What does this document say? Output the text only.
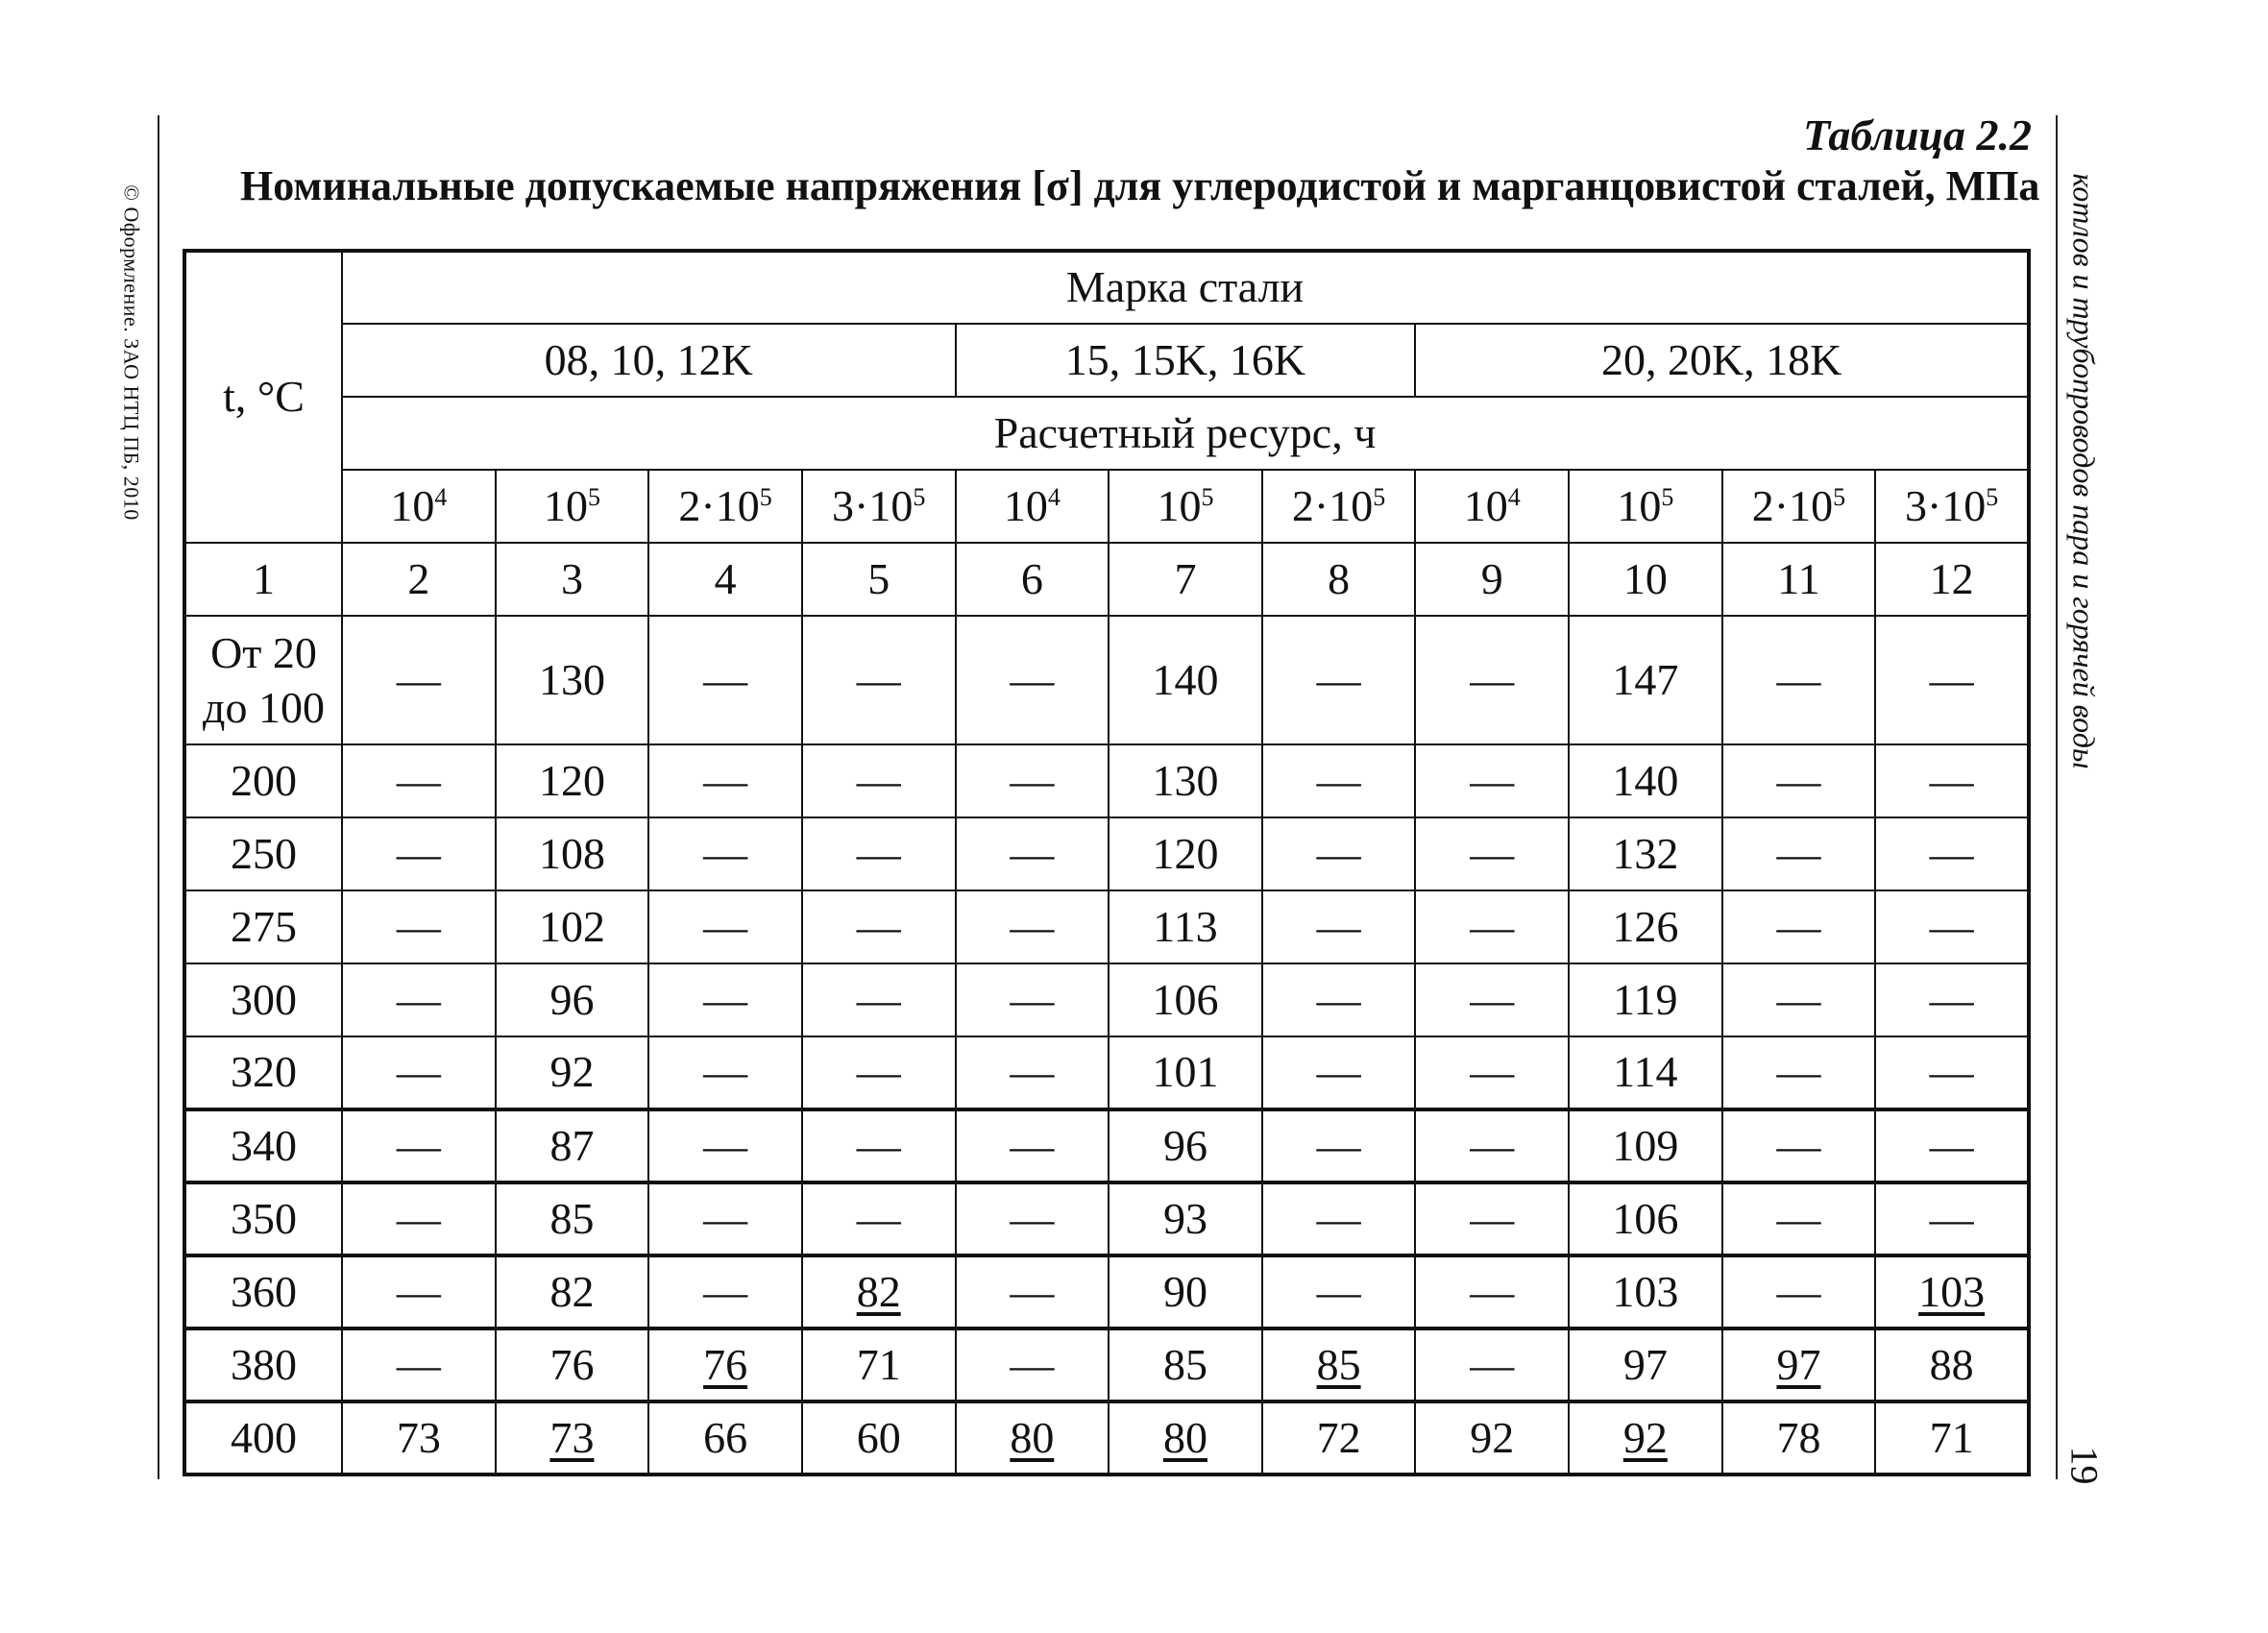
© Оформление. ЗАО НТЦ ПБ, 2010	котлов и трубопроводов пара и горячей воды
19
Таблица 2.2
Номинальные допускаемые напряжения [σ] для углеродистой и марганцовистой сталей, МПа
t, °C	Марка стали										
	08, 10, 12K				15, 15K, 16K			20, 20K, 18K			
	Расчетный ресурс, ч										
	$10^4$	$10^5$	$2\cdot 10^5$	$3\cdot 10^5$	$10^4$	$10^5$	$2\cdot 10^5$	$10^4$	$10^5$	$2\cdot 10^5$	$3\cdot 10^5$
1	2	3	4	5	6	7	8	9	10	11	12

От 20
до 100	—	130	—	—	—	140	—	—	147	—	—
200	—	120	—	—	—	130	—	—	140	—	—
250	—	108	—	—	—	120	—	—	132	—	—
275	—	102	—	—	—	113	—	—	126	—	—
300	—	96	—	—	—	106	—	—	119	—	—
320	—	92	—	—	—	101	—	—	114	—	—
340	—	87	—	—	—	96	—	—	109	—	—
350	—	85	—	—	—	93	—	—	106	—	—
360	—	82	—	82	—	90	—	—	103	—	103
380	—	76	76	71	—	85	85	—	97	97	88
400	73	73	66	60	80	80	72	92	92	78	71
